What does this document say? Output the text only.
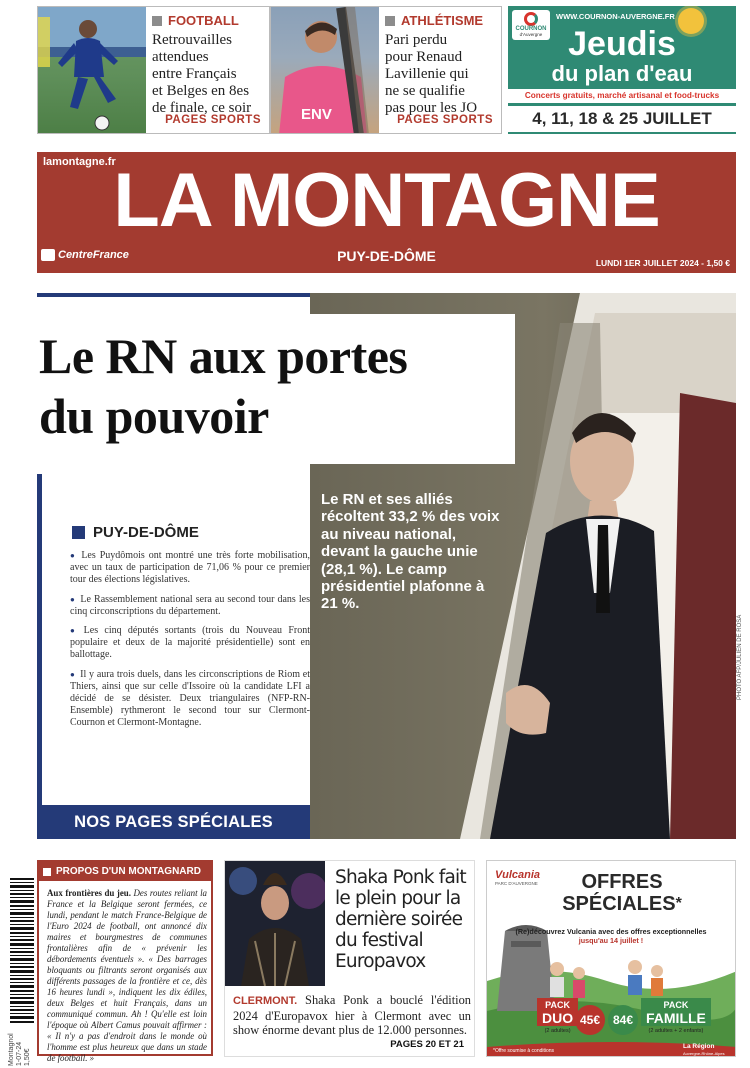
FOOTBALL
Retrouvailles
attendues
entre Français
et Belges en 8es
de finale, ce soir
PAGES SPORTS	ENV
ATHLÉTISME
Pari perdu
pour Renaud
Lavillenie qui
ne se qualifie
pas pour les JO
PAGES SPORTS
COURNON
d'Auvergne
WWW.COURNON-AUVERGNE.FR
Jeudis
du plan d'eau
Concerts gratuits, marché artisanal et food-trucks
4, 11, 18 & 25 JUILLET
lamontagne.fr
LA MONTAGNE
CentreFrance	PUY-DE-DÔME	LUNDI 1ER JUILLET 2024 - 1,50 €
Le RN aux portes
du pouvoir
Le RN et ses alliés récoltent 33,2 % des voix au niveau national, devant la gauche unie (28,1 %). Le camp présidentiel plafonne à 21 %.
PHOTO AFP/JULIEN DE ROSA
PUY-DE-DÔME

● Les Puydômois ont montré une très forte mobilisation, avec un taux de participation de 71,06 % pour ce premier tour des élections législatives.

● Le Rassemblement national sera au second tour dans les cinq circonscriptions du département.

● Les cinq députés sortants (trois du Nouveau Front populaire et deux de la majorité présidentielle) sont en ballottage.

● Il y aura trois duels, dans les circonscriptions de Riom et Thiers, ainsi que sur celle d'Issoire où la candidate LFI a décidé de se désister. Deux triangulaires (NFP-RN-Ensemble) rythmeront le second tour sur Clermont-Cournon et Clermont-Montagne.

NOS PAGES SPÉCIALES
Montagnol 1-07-24 1,50€
PROPOS D'UN MONTAGNARD
Aux frontières du jeu. Des routes reliant la France et la Belgique seront fermées, ce lundi, pendant le match France-Belgique de l'Euro 2024 de football, ont annoncé dix maires et bourgmestres de communes frontalières afin de « prévenir les débordements éventuels ». « Des barrages bloquants ou filtrants seront organisés aux différents passages de la frontière et ce, dès 16 heures lundi », indiquent les dix édiles, deux Belges et huit Français, dans un communiqué commun. Ah ! Qu'elle est loin l'époque où Albert Camus pouvait affirmer : « Il n'y a pas d'endroit dans le monde où l'homme est plus heureux que dans un stade de football. »
Shaka Ponk fait
le plein pour la
dernière soirée
du festival
Europavox
CLERMONT. Shaka Ponk a bouclé l'édition 2024 d'Europavox hier à Clermont avec un show énorme devant plus de 12.000 personnes.
PAGES 20 ET 21
Vulcania
PARC D'AUVERGNE	OFFRES
SPÉCIALES*
(Re)découvrez Vulcania avec des offres exceptionnelles
jusqu'au 14 juillet !
PACK
DUO
(2 adultes)
45€	84€
PACK
FAMILLE
(2 adultes + 2 enfants)
*Offre soumise à conditions
La Région
Auvergne-Rhône-Alpes
